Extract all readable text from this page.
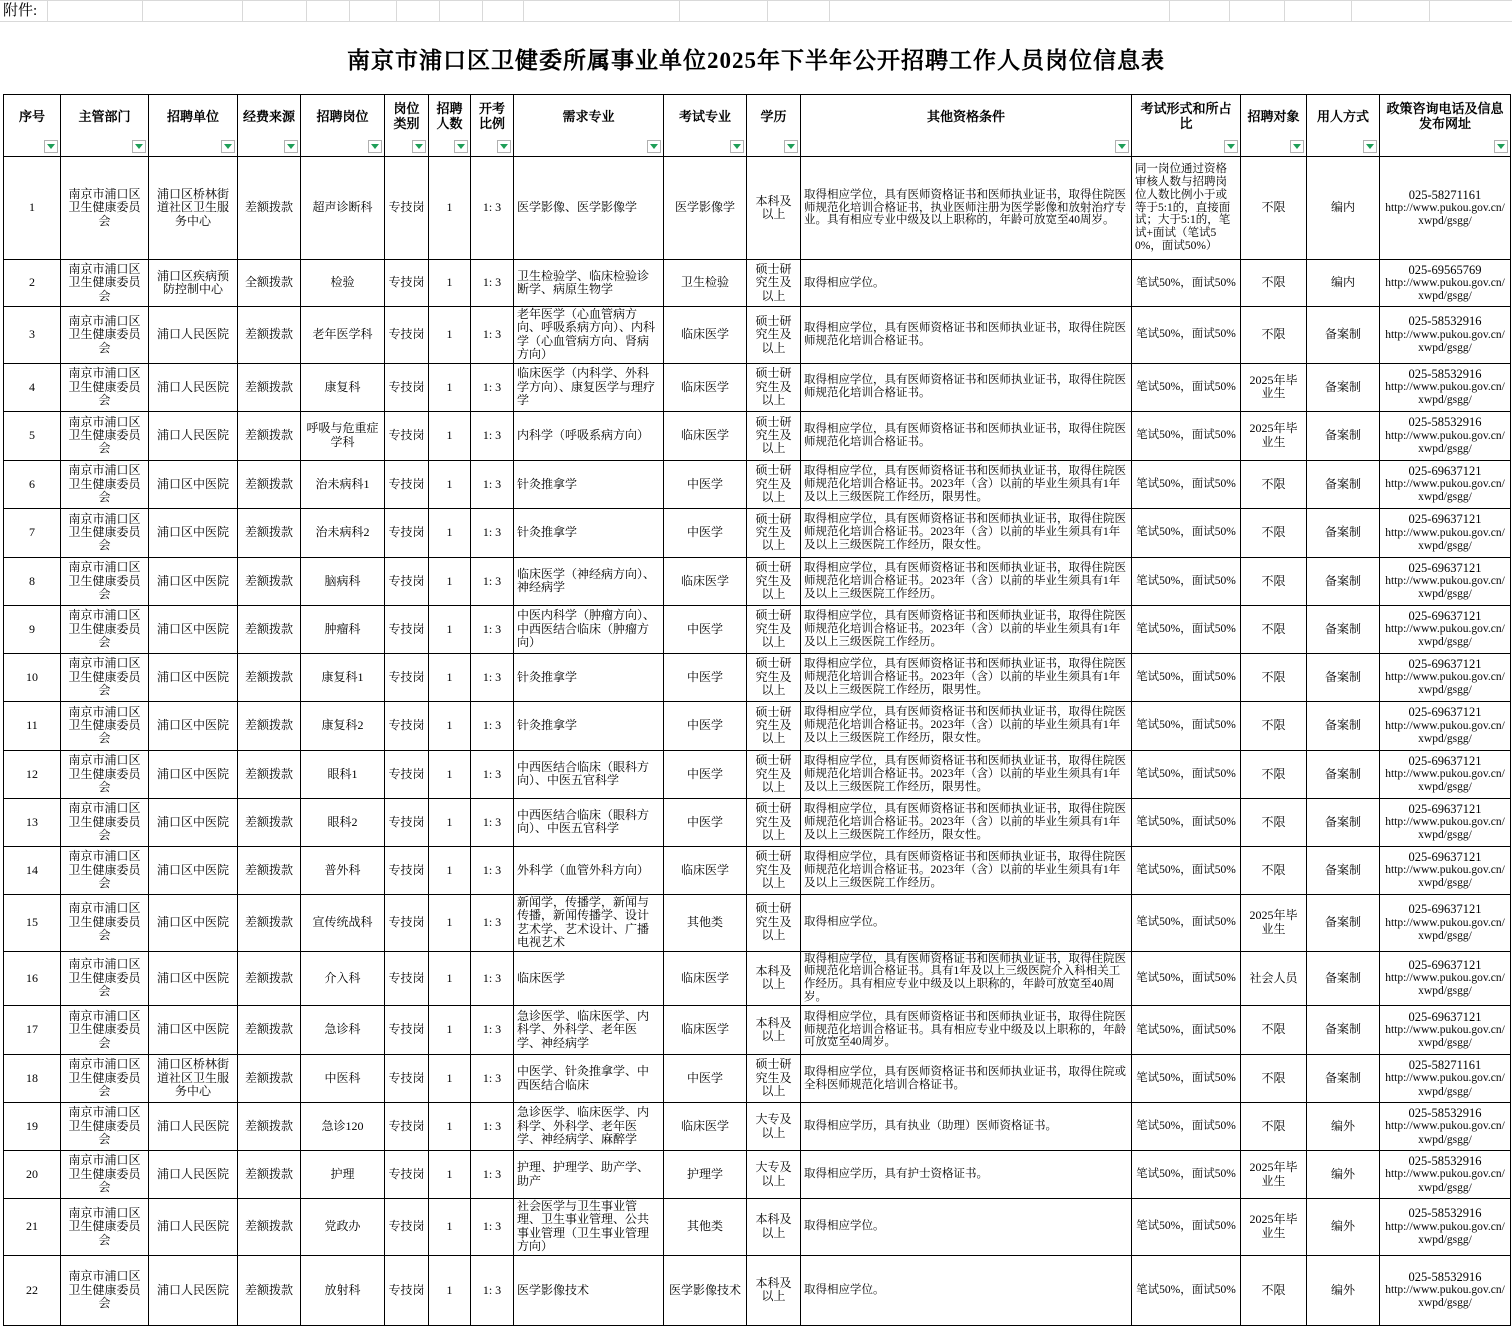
附件:
南京市浦口区卫健委所属事业单位2025年下半年公开招聘工作人员岗位信息表
序号	主管部门	招聘单位	经费来源	招聘岗位	岗位类别	招聘人数	开考比例	需求专业	考试专业	学历	其他资格条件	考试形式和所占比	招聘对象	用人方式	政策咨询电话及信息发布网址

1	南京市浦口区卫生健康委员会	浦口区桥林街道社区卫生服务中心	差额拨款	超声诊断科	专技岗	1	1: 3	医学影像、医学影像学	医学影像学	本科及以上	取得相应学位，具有医师资格证书和医师执业证书，取得住院医师规范化培训合格证书，执业医师注册为医学影像和放射治疗专业。具有相应专业中级及以上职称的，年龄可放宽至40周岁。	同一岗位通过资格审核人数与招聘岗位人数比例小于或等于5:1的，直接面试；大于5:1的，笔试+面试（笔试50%，面试50%）	不限	编内	025-58271161
http://www.pukou.gov.cn/xwpd/gsgg/

2	南京市浦口区卫生健康委员会	浦口区疾病预防控制中心	全额拨款	检验	专技岗	1	1: 3	卫生检验学、临床检验诊断学、病原生物学	卫生检验	硕士研究生及以上	取得相应学位。	笔试50%，面试50%	不限	编内	025-69565769
http://www.pukou.gov.cn/xwpd/gsgg/

3	南京市浦口区卫生健康委员会	浦口人民医院	差额拨款	老年医学科	专技岗	1	1: 3	老年医学（心血管病方向、呼吸系病方向）、内科学（心血管病方向、肾病方向）	临床医学	硕士研究生及以上	取得相应学位，具有医师资格证书和医师执业证书，取得住院医师规范化培训合格证书。	笔试50%，面试50%	不限	备案制	025-58532916
http://www.pukou.gov.cn/xwpd/gsgg/

4	南京市浦口区卫生健康委员会	浦口人民医院	差额拨款	康复科	专技岗	1	1: 3	临床医学（内科学、外科学方向）、康复医学与理疗学	临床医学	硕士研究生及以上	取得相应学位，具有医师资格证书和医师执业证书，取得住院医师规范化培训合格证书。	笔试50%，面试50%	2025年毕业生	备案制	025-58532916
http://www.pukou.gov.cn/xwpd/gsgg/

5	南京市浦口区卫生健康委员会	浦口人民医院	差额拨款	呼吸与危重症学科	专技岗	1	1: 3	内科学（呼吸系病方向）	临床医学	硕士研究生及以上	取得相应学位，具有医师资格证书和医师执业证书，取得住院医师规范化培训合格证书。	笔试50%，面试50%	2025年毕业生	备案制	025-58532916
http://www.pukou.gov.cn/xwpd/gsgg/

6	南京市浦口区卫生健康委员会	浦口区中医院	差额拨款	治未病科1	专技岗	1	1: 3	针灸推拿学	中医学	硕士研究生及以上	取得相应学位，具有医师资格证书和医师执业证书，取得住院医师规范化培训合格证书。2023年（含）以前的毕业生须具有1年及以上三级医院工作经历，限男性。	笔试50%，面试50%	不限	备案制	025-69637121
http://www.pukou.gov.cn/xwpd/gsgg/

7	南京市浦口区卫生健康委员会	浦口区中医院	差额拨款	治未病科2	专技岗	1	1: 3	针灸推拿学	中医学	硕士研究生及以上	取得相应学位，具有医师资格证书和医师执业证书，取得住院医师规范化培训合格证书。2023年（含）以前的毕业生须具有1年及以上三级医院工作经历，限女性。	笔试50%，面试50%	不限	备案制	025-69637121
http://www.pukou.gov.cn/xwpd/gsgg/

8	南京市浦口区卫生健康委员会	浦口区中医院	差额拨款	脑病科	专技岗	1	1: 3	临床医学（神经病方向）、神经病学	临床医学	硕士研究生及以上	取得相应学位，具有医师资格证书和医师执业证书，取得住院医师规范化培训合格证书。2023年（含）以前的毕业生须具有1年及以上三级医院工作经历。	笔试50%，面试50%	不限	备案制	025-69637121
http://www.pukou.gov.cn/xwpd/gsgg/

9	南京市浦口区卫生健康委员会	浦口区中医院	差额拨款	肿瘤科	专技岗	1	1: 3	中医内科学（肿瘤方向）、中西医结合临床（肿瘤方向）	中医学	硕士研究生及以上	取得相应学位，具有医师资格证书和医师执业证书，取得住院医师规范化培训合格证书。2023年（含）以前的毕业生须具有1年及以上三级医院工作经历。	笔试50%，面试50%	不限	备案制	025-69637121
http://www.pukou.gov.cn/xwpd/gsgg/

10	南京市浦口区卫生健康委员会	浦口区中医院	差额拨款	康复科1	专技岗	1	1: 3	针灸推拿学	中医学	硕士研究生及以上	取得相应学位，具有医师资格证书和医师执业证书，取得住院医师规范化培训合格证书。2023年（含）以前的毕业生须具有1年及以上三级医院工作经历，限男性。	笔试50%，面试50%	不限	备案制	025-69637121
http://www.pukou.gov.cn/xwpd/gsgg/

11	南京市浦口区卫生健康委员会	浦口区中医院	差额拨款	康复科2	专技岗	1	1: 3	针灸推拿学	中医学	硕士研究生及以上	取得相应学位，具有医师资格证书和医师执业证书，取得住院医师规范化培训合格证书。2023年（含）以前的毕业生须具有1年及以上三级医院工作经历，限女性。	笔试50%，面试50%	不限	备案制	025-69637121
http://www.pukou.gov.cn/xwpd/gsgg/

12	南京市浦口区卫生健康委员会	浦口区中医院	差额拨款	眼科1	专技岗	1	1: 3	中西医结合临床（眼科方向）、中医五官科学	中医学	硕士研究生及以上	取得相应学位，具有医师资格证书和医师执业证书，取得住院医师规范化培训合格证书。2023年（含）以前的毕业生须具有1年及以上三级医院工作经历，限男性。	笔试50%，面试50%	不限	备案制	025-69637121
http://www.pukou.gov.cn/xwpd/gsgg/

13	南京市浦口区卫生健康委员会	浦口区中医院	差额拨款	眼科2	专技岗	1	1: 3	中西医结合临床（眼科方向）、中医五官科学	中医学	硕士研究生及以上	取得相应学位，具有医师资格证书和医师执业证书，取得住院医师规范化培训合格证书。2023年（含）以前的毕业生须具有1年及以上三级医院工作经历，限女性。	笔试50%，面试50%	不限	备案制	025-69637121
http://www.pukou.gov.cn/xwpd/gsgg/

14	南京市浦口区卫生健康委员会	浦口区中医院	差额拨款	普外科	专技岗	1	1: 3	外科学（血管外科方向）	临床医学	硕士研究生及以上	取得相应学位，具有医师资格证书和医师执业证书，取得住院医师规范化培训合格证书。2023年（含）以前的毕业生须具有1年及以上三级医院工作经历。	笔试50%，面试50%	不限	备案制	025-69637121
http://www.pukou.gov.cn/xwpd/gsgg/

15	南京市浦口区卫生健康委员会	浦口区中医院	差额拨款	宣传统战科	专技岗	1	1: 3	新闻学，传播学，新闻与传播，新闻传播学、设计艺术学、艺术设计、广播电视艺术	其他类	硕士研究生及以上	取得相应学位。	笔试50%，面试50%	2025年毕业生	备案制	025-69637121
http://www.pukou.gov.cn/xwpd/gsgg/

16	南京市浦口区卫生健康委员会	浦口区中医院	差额拨款	介入科	专技岗	1	1: 3	临床医学	临床医学	本科及以上	取得相应学位，具有医师资格证书和医师执业证书，取得住院医师规范化培训合格证书。具有1年及以上三级医院介入科相关工作经历。具有相应专业中级及以上职称的，年龄可放宽至40周岁。	笔试50%，面试50%	社会人员	备案制	025-69637121
http://www.pukou.gov.cn/xwpd/gsgg/

17	南京市浦口区卫生健康委员会	浦口区中医院	差额拨款	急诊科	专技岗	1	1: 3	急诊医学、临床医学、内科学、外科学、老年医学、神经病学	临床医学	本科及以上	取得相应学位，具有医师资格证书和医师执业证书，取得住院医师规范化培训合格证书。具有相应专业中级及以上职称的，年龄可放宽至40周岁。	笔试50%，面试50%	不限	备案制	025-69637121
http://www.pukou.gov.cn/xwpd/gsgg/

18	南京市浦口区卫生健康委员会	浦口区桥林街道社区卫生服务中心	差额拨款	中医科	专技岗	1	1: 3	中医学、针灸推拿学、中西医结合临床	中医学	硕士研究生及以上	取得相应学位，具有医师资格证书和医师执业证书，取得住院或全科医师规范化培训合格证书。	笔试50%，面试50%	不限	备案制	025-58271161
http://www.pukou.gov.cn/xwpd/gsgg/

19	南京市浦口区卫生健康委员会	浦口人民医院	差额拨款	急诊120	专技岗	1	1: 3	急诊医学、临床医学、内科学、外科学、老年医学、神经病学、麻醉学	临床医学	大专及以上	取得相应学历，具有执业（助理）医师资格证书。	笔试50%，面试50%	不限	编外	025-58532916
http://www.pukou.gov.cn/xwpd/gsgg/

20	南京市浦口区卫生健康委员会	浦口人民医院	差额拨款	护理	专技岗	1	1: 3	护理、护理学、助产学、助产	护理学	大专及以上	取得相应学历，具有护士资格证书。	笔试50%，面试50%	2025年毕业生	编外	025-58532916
http://www.pukou.gov.cn/xwpd/gsgg/

21	南京市浦口区卫生健康委员会	浦口人民医院	差额拨款	党政办	专技岗	1	1: 3	社会医学与卫生事业管理、卫生事业管理、公共事业管理（卫生事业管理方向）	其他类	本科及以上	取得相应学位。	笔试50%，面试50%	2025年毕业生	编外	025-58532916
http://www.pukou.gov.cn/xwpd/gsgg/

22	南京市浦口区卫生健康委员会	浦口人民医院	差额拨款	放射科	专技岗	1	1: 3	医学影像技术	医学影像技术	本科及以上	取得相应学位。	笔试50%，面试50%	不限	编外	025-58532916
http://www.pukou.gov.cn/xwpd/gsgg/
